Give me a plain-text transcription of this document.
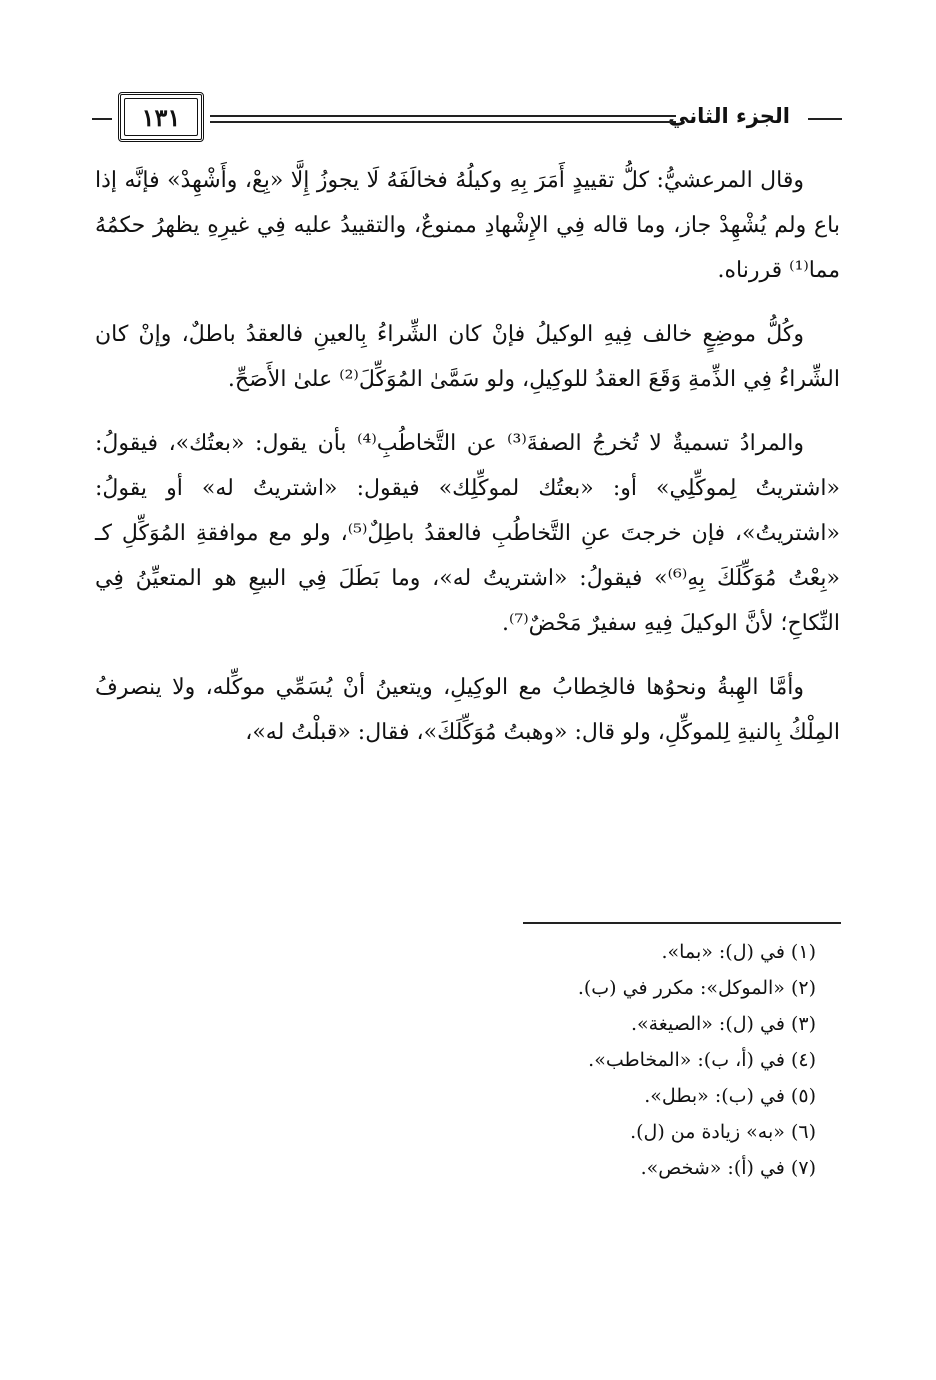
الجزء الثاني
١٣١

وقال المرعشيُّ: كلُّ تقييدٍ أَمَرَ بِهِ وكيلُهُ فخالَفَهُ لَا يجوزُ إِلَّا «بِعْ، وأَشْهِدْ» فإنَّه إذا باع ولم يُشْهِدْ جاز، وما قاله فِي الإِشْهادِ ممنوعٌ، والتقييدُ عليه فِي غيرِهِ يظهرُ حكمُهُ مما⁽¹⁾ قررناه.

وكُلُّ موضِعٍ خالف فِيهِ الوكيلُ فإنْ كان الشِّراءُ بِالعينِ فالعقدُ باطلٌ، وإنْ كان الشِّراءُ فِي الذِّمةِ وَقَعَ العقدُ للوكِيلِ، ولو سَمَّىٰ المُوَكِّلَ⁽²⁾ علىٰ الأَصَحِّ.

والمرادُ تسميةٌ لا تُخرجُ الصفةَ⁽³⁾ عن التَّخاطُبِ⁽⁴⁾ بأن يقول: «بعتُك»، فيقولُ: «اشتريتُ لِموكِّلِي» أو: «بعتُك لموكِّلِك» فيقول: «اشتريتُ له» أو يقولُ: «اشتريتُ»، فإن خرجتَ عنِ التَّخاطُبِ فالعقدُ باطِلٌ⁽⁵⁾، ولو مع موافقةِ المُوَكِّلِ كـ «بِعْتُ مُوَكِّلَكَ بِهِ⁽⁶⁾» فيقولُ: «اشتريتُ له»، وما بَطَلَ فِي البيعِ هو المتعيِّنُ فِي النِّكاحِ؛ لأنَّ الوكيلَ فِيهِ سفيرٌ مَحْضٌ⁽⁷⁾.

وأمَّا الهِبةُ ونحوُها فالخِطابُ مع الوكِيلِ، ويتعينُ أنْ يُسَمِّي موكِّله، ولا ينصرفُ المِلْكُ بِالنيةِ لِلموكِّلِ، ولو قال: «وهبتُ مُوَكِّلَكَ»، فقال: «قبلْتُ له»،

(١) في (ل): «بما».
(٢) «الموكل»: مكرر في (ب).
(٣) في (ل): «الصيغة».
(٤) في (أ، ب): «المخاطب».
(٥) في (ب): «بطل».
(٦) «به» زيادة من (ل).
(٧) في (أ): «شخص».
